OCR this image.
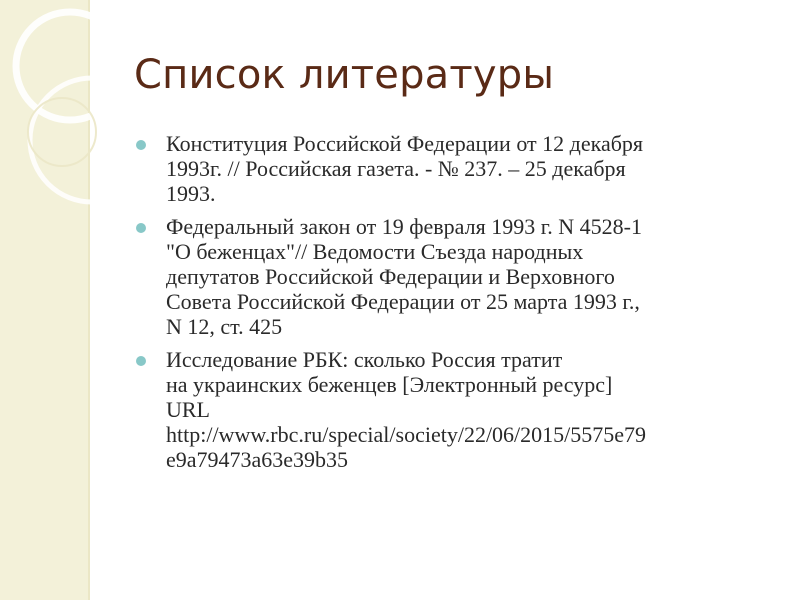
Список литературы
Конституция Российской Федерации от 12 декабря
1993г. // Российская газета. - № 237. – 25 декабря
1993.
Федеральный закон от 19 февраля 1993 г. N 4528-1
"О беженцах"// Ведомости Съезда народных
депутатов Российской Федерации и Верховного
Совета Российской Федерации от 25 марта 1993 г.,
N 12, ст. 425
Исследование РБК: сколько Россия тратит
на украинских беженцев [Электронный ресурс]
URL
http://www.rbc.ru/special/society/22/06/2015/5575e79
e9a79473a63e39b35
